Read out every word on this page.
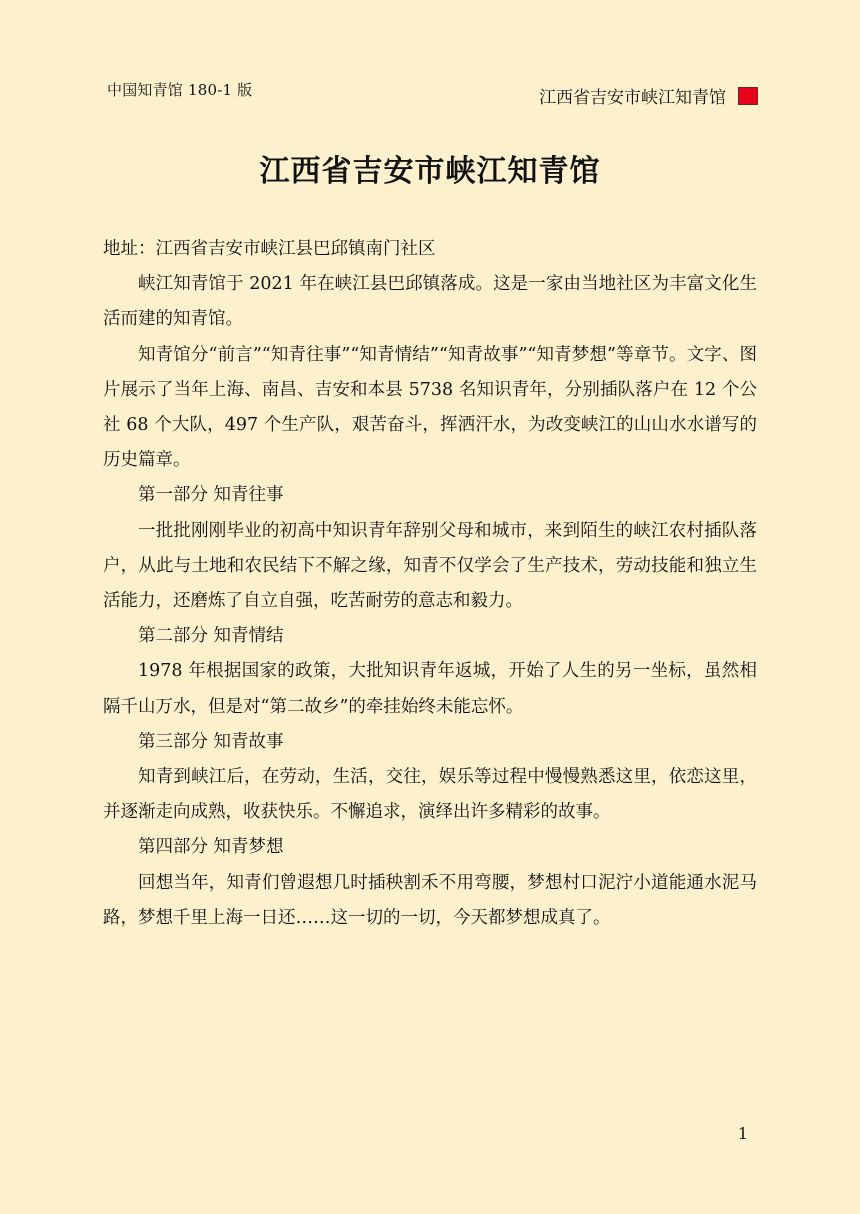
中国知青馆 180-1 版	江西省吉安市峡江知青馆
江西省吉安市峡江知青馆

地址：江西省吉安市峡江县巴邱镇南门社区

峡江知青馆于 2021 年在峡江县巴邱镇落成。这是一家由当地社区为丰富文化生活而建的知青馆。

知青馆分“前言”“知青往事”“知青情结”“知青故事”“知青梦想”等章节。文字、图片展示了当年上海、南昌、吉安和本县 5738 名知识青年，分别插队落户在 12 个公社 68 个大队，497 个生产队，艰苦奋斗，挥洒汗水，为改变峡江的山山水水谱写的历史篇章。

第一部分 知青往事

一批批刚刚毕业的初高中知识青年辞别父母和城市，来到陌生的峡江农村插队落户，从此与土地和农民结下不解之缘，知青不仅学会了生产技术，劳动技能和独立生活能力，还磨炼了自立自强，吃苦耐劳的意志和毅力。

第二部分 知青情结

1978 年根据国家的政策，大批知识青年返城，开始了人生的另一坐标，虽然相隔千山万水，但是对“第二故乡”的牵挂始终未能忘怀。

第三部分 知青故事

知青到峡江后，在劳动，生活，交往，娱乐等过程中慢慢熟悉这里，依恋这里，并逐渐走向成熟，收获快乐。不懈追求，演绎出许多精彩的故事。

第四部分 知青梦想

回想当年，知青们曾遐想几时插秧割禾不用弯腰，梦想村口泥泞小道能通水泥马路，梦想千里上海一日还……这一切的一切，今天都梦想成真了。

1
